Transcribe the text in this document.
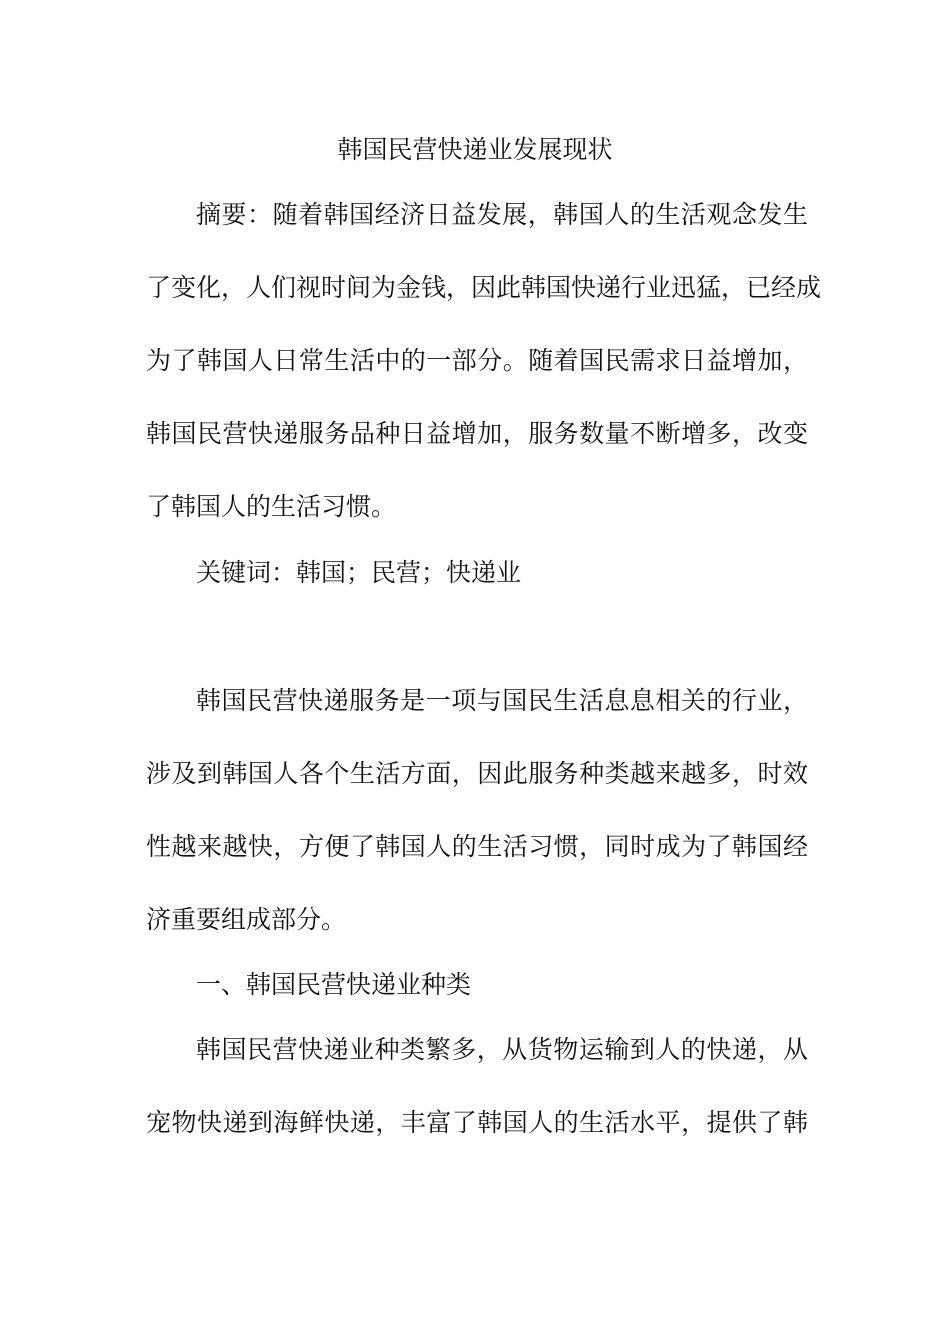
韩国民营快递业发展现状
摘要：随着韩国经济日益发展，韩国人的生活观念发生
了变化，人们视时间为金钱，因此韩国快递行业迅猛，已经成
为了韩国人日常生活中的一部分。随着国民需求日益增加，
韩国民营快递服务品种日益增加，服务数量不断增多，改变
了韩国人的生活习惯。
关键词：韩国；民营；快递业
韩国民营快递服务是一项与国民生活息息相关的行业，
涉及到韩国人各个生活方面，因此服务种类越来越多，时效
性越来越快，方便了韩国人的生活习惯，同时成为了韩国经
济重要组成部分。
一、韩国民营快递业种类
韩国民营快递业种类繁多，从货物运输到人的快递，从
宠物快递到海鲜快递，丰富了韩国人的生活水平，提供了韩
